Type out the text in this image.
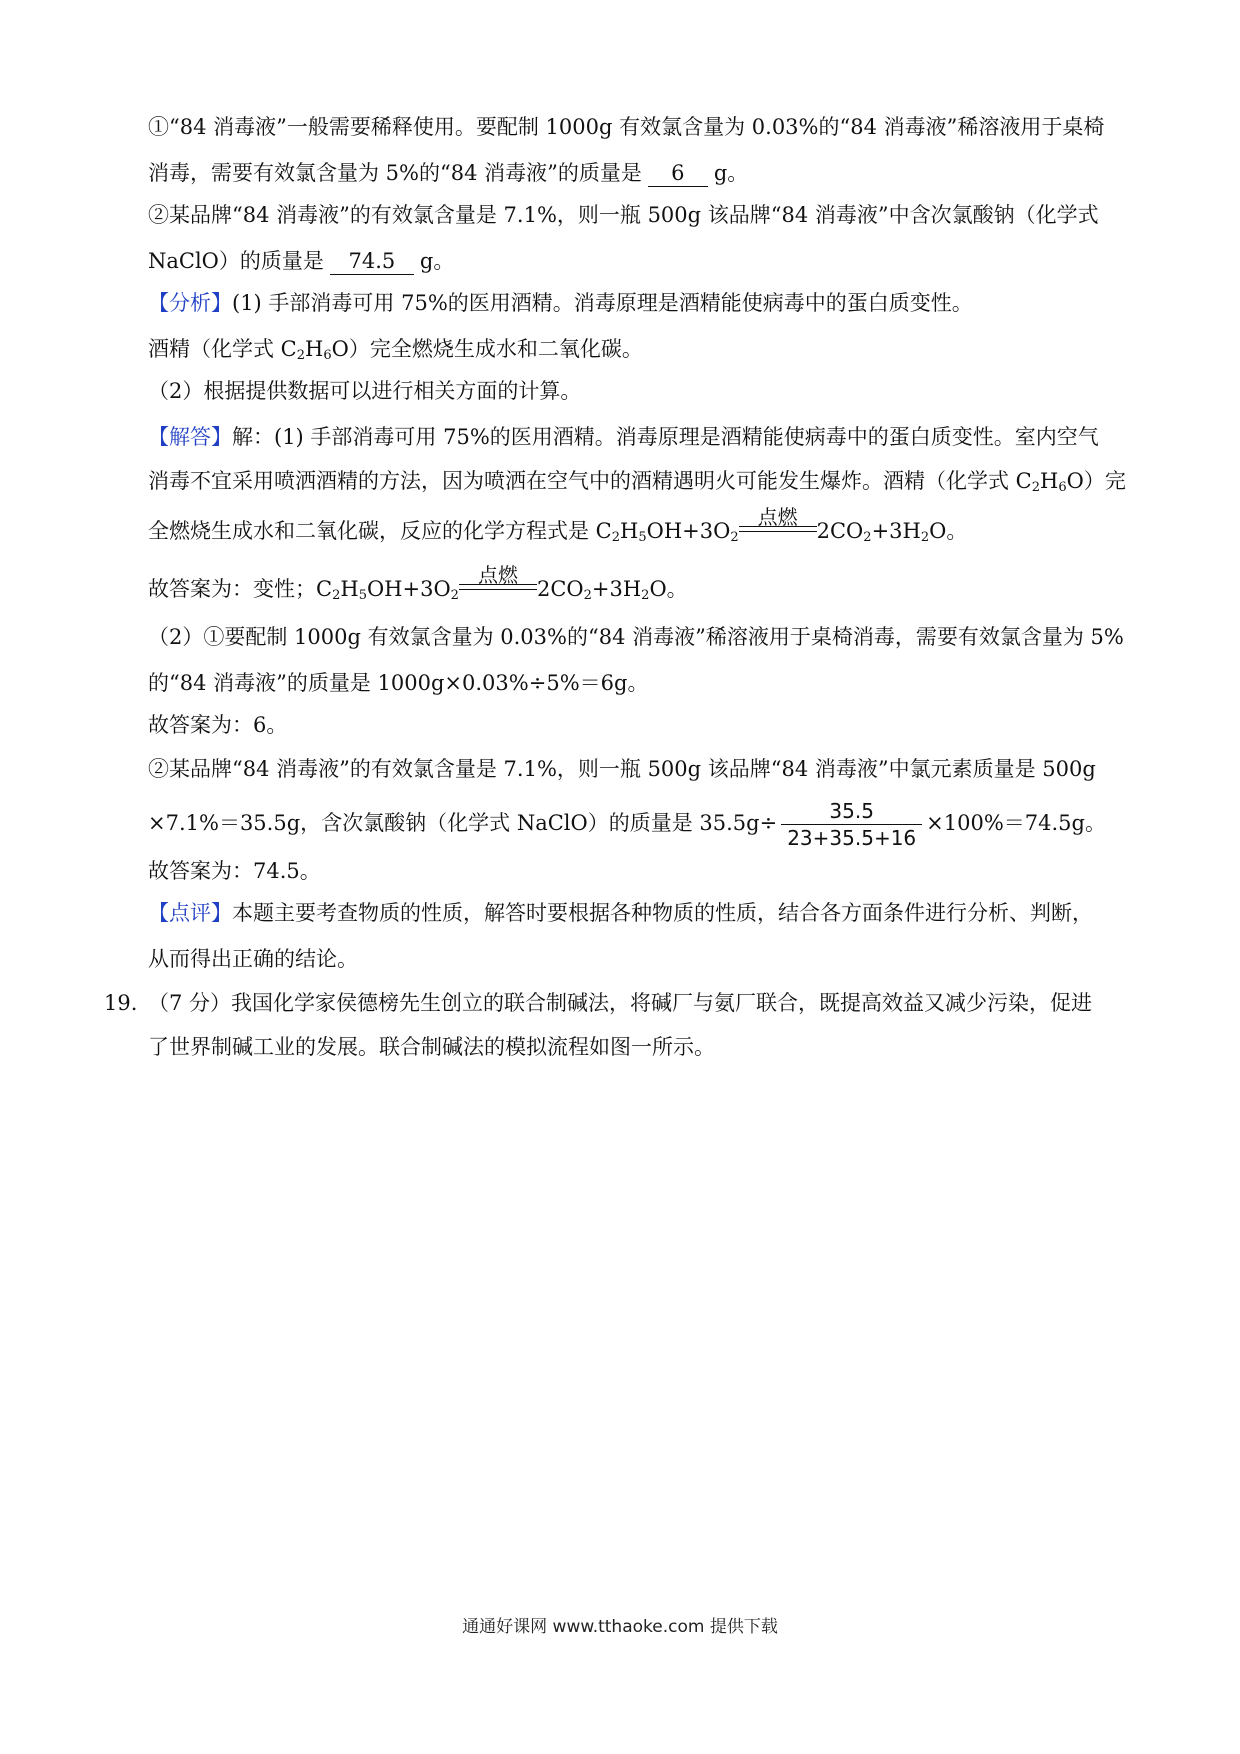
①“84 消毒液”一般需要稀释使用。要配制 1000g 有效氯含量为 0.03%的“84 消毒液”稀溶液用于桌椅
消毒，需要有效氯含量为 5%的“84 消毒液”的质量是 6 g。
②某品牌“84 消毒液”的有效氯含量是 7.1%，则一瓶 500g 该品牌“84 消毒液”中含次氯酸钠（化学式
NaClO）的质量是 74.5 g。
【分析】(1) 手部消毒可用 75%的医用酒精。消毒原理是酒精能使病毒中的蛋白质变性。
酒精（化学式 $C_2H_6O$）完全燃烧生成水和二氧化碳。
（2）根据提供数据可以进行相关方面的计算。
【解答】解：(1) 手部消毒可用 75%的医用酒精。消毒原理是酒精能使病毒中的蛋白质变性。室内空气
消毒不宜采用喷洒酒精的方法，因为喷洒在空气中的酒精遇明火可能发生爆炸。酒精（化学式 $C_2H_6O$）完
全燃烧生成水和二氧化碳，反应的化学方程式是 $C_2H_5OH+3O_2$
点燃
$2CO_2+3H_2O$。
故答案为：变性；$C_2H_5OH+3O_2$
点燃
$2CO_2+3H_2O$。
（2）①要配制 1000g 有效氯含量为 0.03%的“84 消毒液”稀溶液用于桌椅消毒，需要有效氯含量为 5%
的“84 消毒液”的质量是 1000g×0.03%÷5%＝6g。
故答案为：6。
②某品牌“84 消毒液”的有效氯含量是 7.1%，则一瓶 500g 该品牌“84 消毒液”中氯元素质量是 500g
×7.1%＝35.5g，含次氯酸钠（化学式 NaClO）的质量是 $35.5g\div \frac{35.5}{23+35.5+16} \times 100\%=74.5g$。
故答案为：74.5。
【点评】本题主要考查物质的性质，解答时要根据各种物质的性质，结合各方面条件进行分析、判断，
从而得出正确的结论。
19. （7 分）我国化学家侯德榜先生创立的联合制碱法，将碱厂与氨厂联合，既提高效益又减少污染，促进
了世界制碱工业的发展。联合制碱法的模拟流程如图一所示。
通通好课网 www.tthaoke.com 提供下载
